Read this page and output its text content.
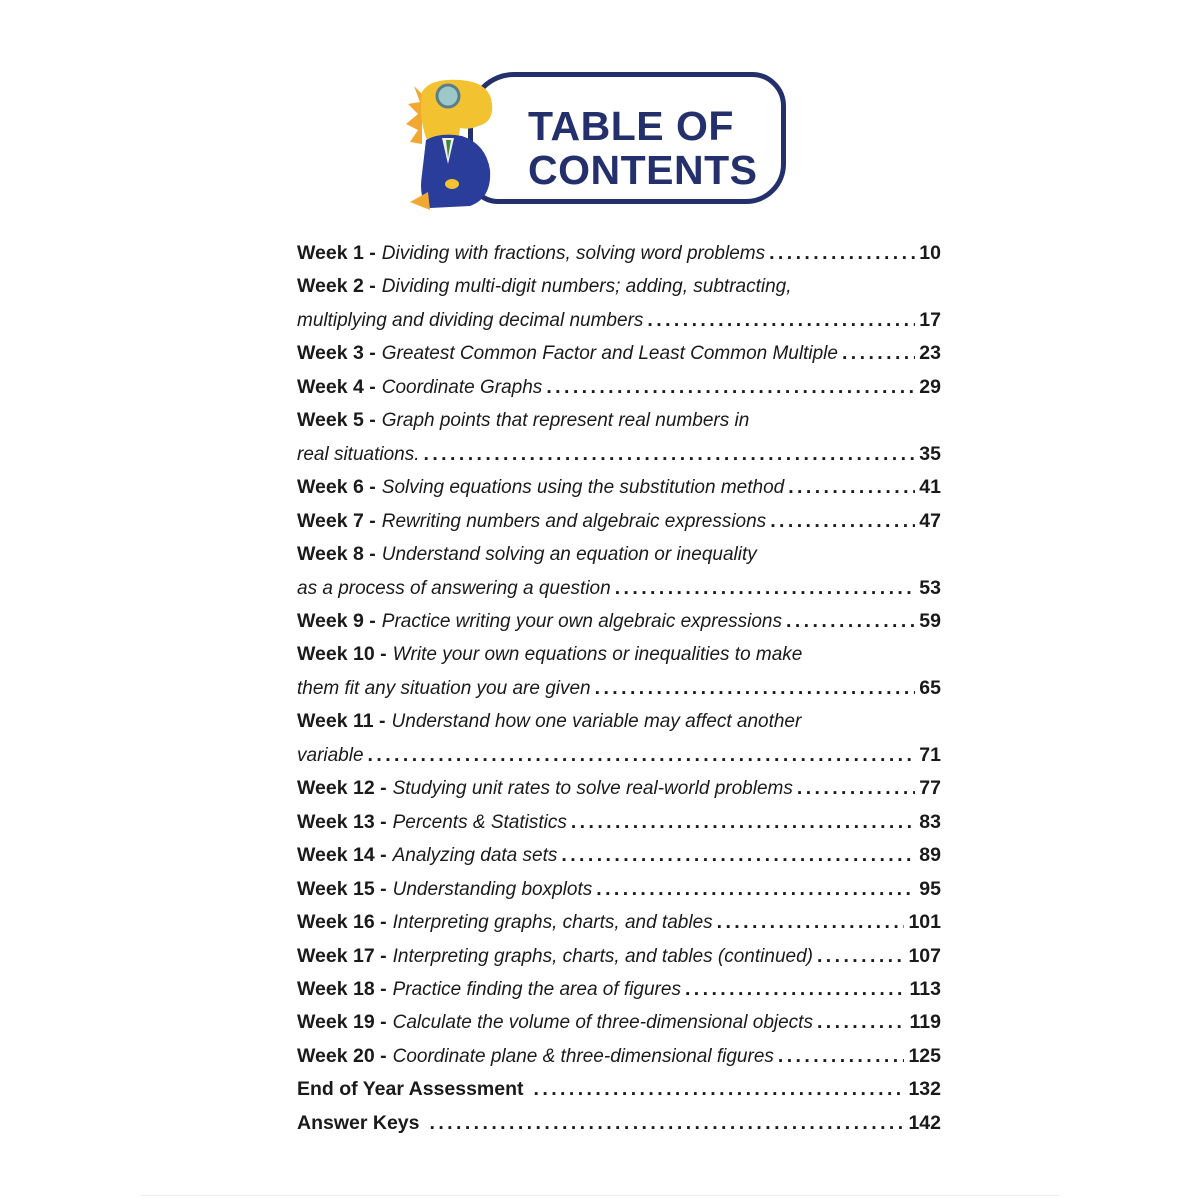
TABLE OF
CONTENTS
Week 1 - Dividing with fractions, solving word problems . . .	10
Week 2 - Dividing multi-digit numbers; adding, subtracting,
multiplying and dividing decimal numbers . . .	17
Week 3 - Greatest Common Factor and Least Common Multiple . . .	23
Week 4 - Coordinate Graphs . . .	29
Week 5 - Graph points that represent real numbers in
real situations. . . .	35
Week 6 - Solving equations using the substitution method . . .	41
Week 7 - Rewriting numbers and algebraic expressions . . .	47
Week 8 - Understand solving an equation or inequality
as a process of answering a question . . .	53
Week 9 - Practice writing your own algebraic expressions . . .	59
Week 10 - Write your own equations or inequalities to make
them fit any situation you are given . . .	65
Week 11 - Understand how one variable may affect another
variable . . .	71
Week 12 - Studying unit rates to solve real-world problems . . .	77
Week 13 - Percents & Statistics . . .	83
Week 14 - Analyzing data sets . . .	89
Week 15 - Understanding boxplots . . .	95
Week 16 - Interpreting graphs, charts, and tables . . .	101
Week 17 - Interpreting graphs, charts, and tables (continued) . . .	107
Week 18 - Practice finding the area of figures . . .	113
Week 19 - Calculate the volume of three-dimensional objects . . .	119
Week 20 - Coordinate plane & three-dimensional figures . . .	125
End of Year Assessment . . .	132
Answer Keys . . .	142
